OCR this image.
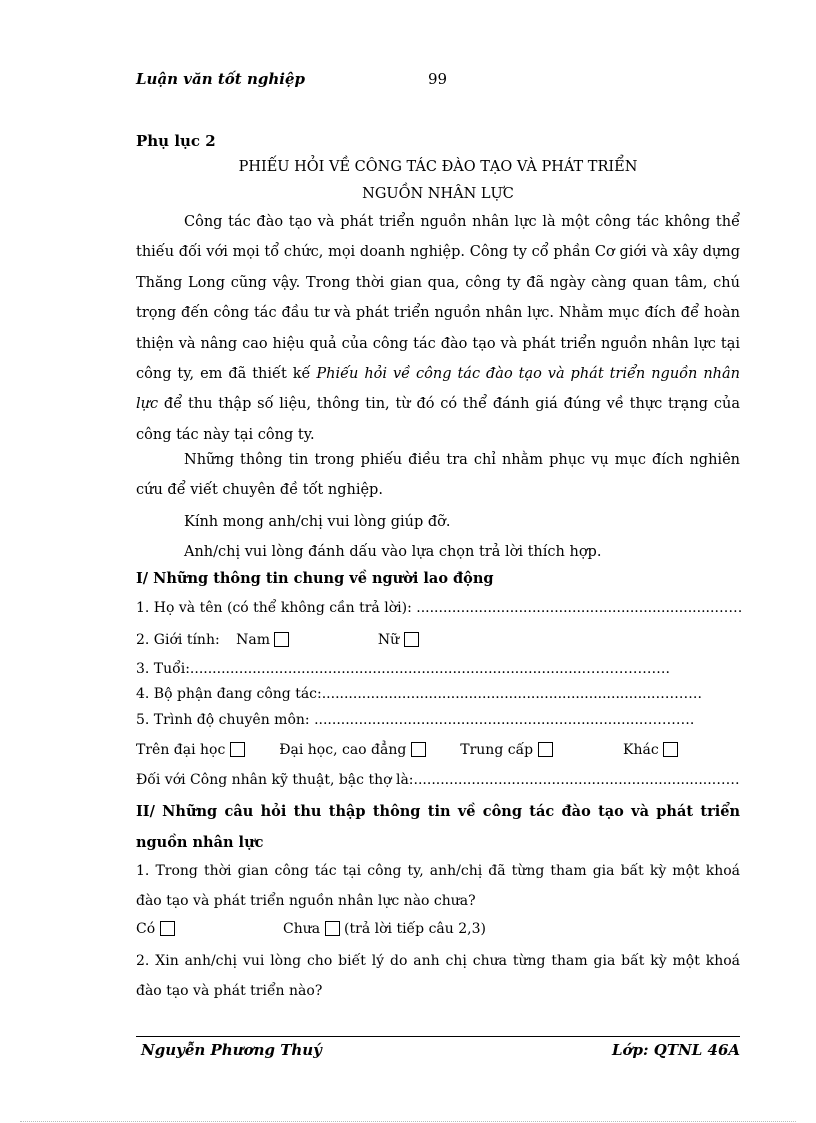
Luận văn tốt nghiệp	99
Phụ lục 2
PHIẾU HỎI VỀ CÔNG TÁC ĐÀO TẠO VÀ PHÁT TRIỂN
NGUỒN NHÂN LỰC
Công tác đào tạo và phát triển nguồn nhân lực là một công tác không thể thiếu đối với mọi tổ chức, mọi doanh nghiệp. Công ty cổ phần Cơ giới và xây dựng Thăng Long cũng vậy. Trong thời gian qua, công ty đã ngày càng quan tâm, chú trọng đến công tác đầu tư và phát triển nguồn nhân lực. Nhằm mục đích để hoàn thiện và nâng cao hiệu quả của công tác đào tạo và phát triển nguồn nhân lực tại công ty, em đã thiết kế Phiếu hỏi về công tác đào tạo và phát triển nguồn nhân lực để thu thập số liệu, thông tin, từ đó có thể đánh giá đúng về thực trạng của công tác này tại công ty.
Những thông tin trong phiếu điều tra chỉ nhằm phục vụ mục đích nghiên cứu để viết chuyên đề tốt nghiệp.
Kính mong anh/chị vui lòng giúp đỡ.
Anh/chị vui lòng đánh dấu vào lựa chọn trả lời thích hợp.
I/ Những thông tin chung về người lao động
1. Họ và tên (có thể không cần trả lời): ...................................................................……
2. Giới tính: Nam	Nữ
3. Tuổi:........................................................................................……………….
4. Bộ phận đang công tác:...........................................................................……….
5. Trình độ chuyên môn: ...........................................................................……….
Trên đại học	Đại học, cao đẳng	Trung cấp	Khác
Đối với Công nhân kỹ thuật, bậc thợ là:...................................................................……
II/ Những câu hỏi thu thập thông tin về công tác đào tạo và phát triển nguồn nhân lực
1. Trong thời gian công tác tại công ty, anh/chị đã từng tham gia bất kỳ một khoá đào tạo và phát triển nguồn nhân lực nào chưa?
Có	Chưa (trả lời tiếp câu 2,3)
2. Xin anh/chị vui lòng cho biết lý do anh chị chưa từng tham gia bất kỳ một khoá đào tạo và phát triển nào?
Nguyễn Phương Thuý	Lớp: QTNL 46A
